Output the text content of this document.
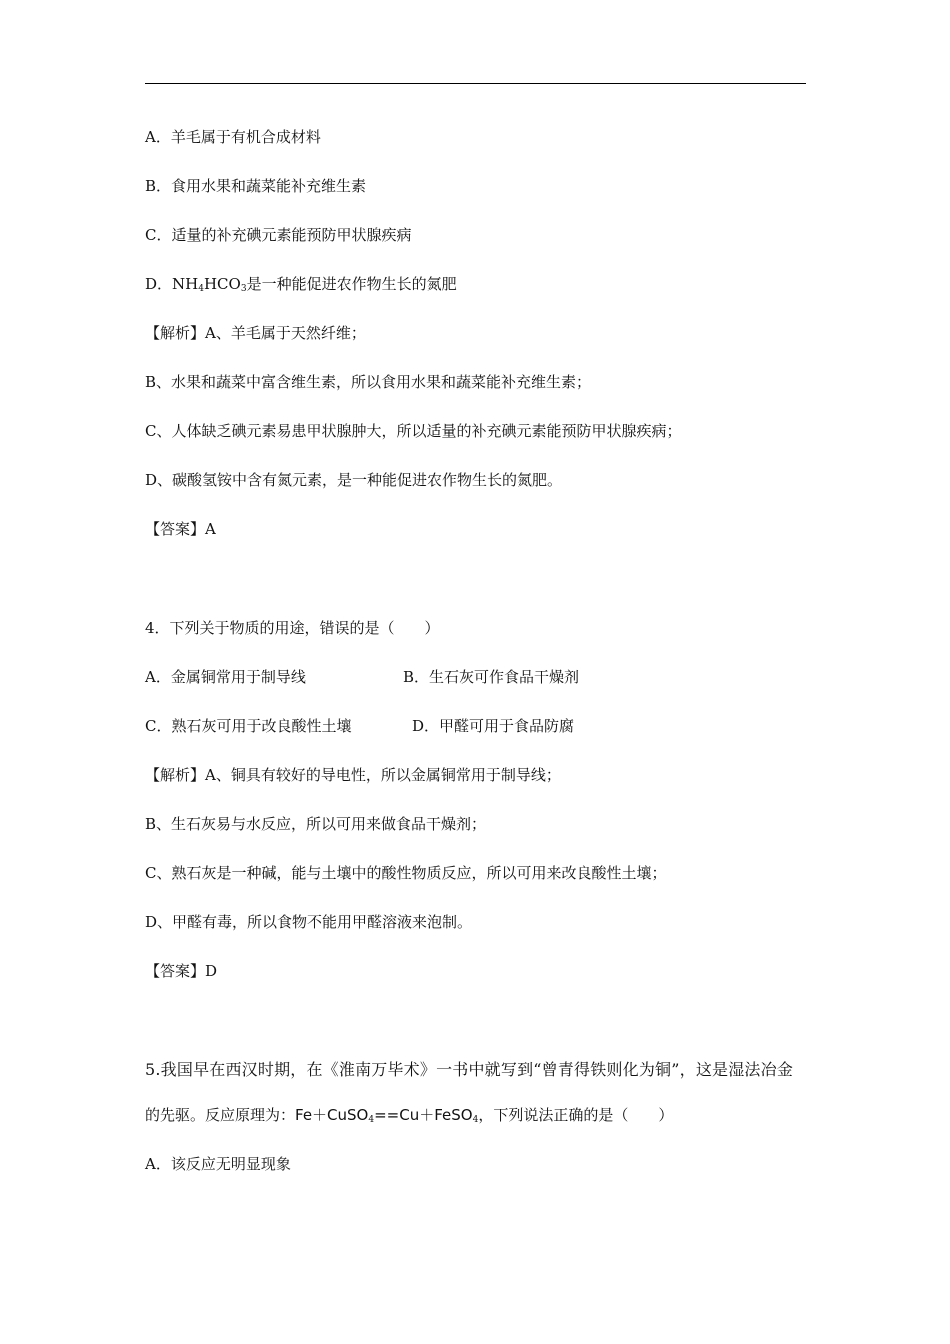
A．羊毛属于有机合成材料
B．食用水果和蔬菜能补充维生素
C．适量的补充碘元素能预防甲状腺疾病
D．$NH_4HCO_3$是一种能促进农作物生长的氮肥
【解析】A、羊毛属于天然纤维；
B、水果和蔬菜中富含维生素，所以食用水果和蔬菜能补充维生素；
C、人体缺乏碘元素易患甲状腺肿大，所以适量的补充碘元素能预防甲状腺疾病；
D、碳酸氢铵中含有氮元素，是一种能促进农作物生长的氮肥。
【答案】A
4．下列关于物质的用途，错误的是（　　）
A．金属铜常用于制导线	B．生石灰可作食品干燥剂
C．熟石灰可用于改良酸性土壤	D．甲醛可用于食品防腐
【解析】A、铜具有较好的导电性，所以金属铜常用于制导线；
B、生石灰易与水反应，所以可用来做食品干燥剂；
C、熟石灰是一种碱，能与土壤中的酸性物质反应，所以可用来改良酸性土壤；
D、甲醛有毒，所以食物不能用甲醛溶液来泡制。
【答案】D
5.我国早在西汉时期，在《淮南万毕术》一书中就写到“曾青得铁则化为铜”，这是湿法冶金
的先驱。反应原理为：Fe＋CuSO$_4$==Cu＋FeSO$_4$，下列说法正确的是（　　）
A．该反应无明显现象
